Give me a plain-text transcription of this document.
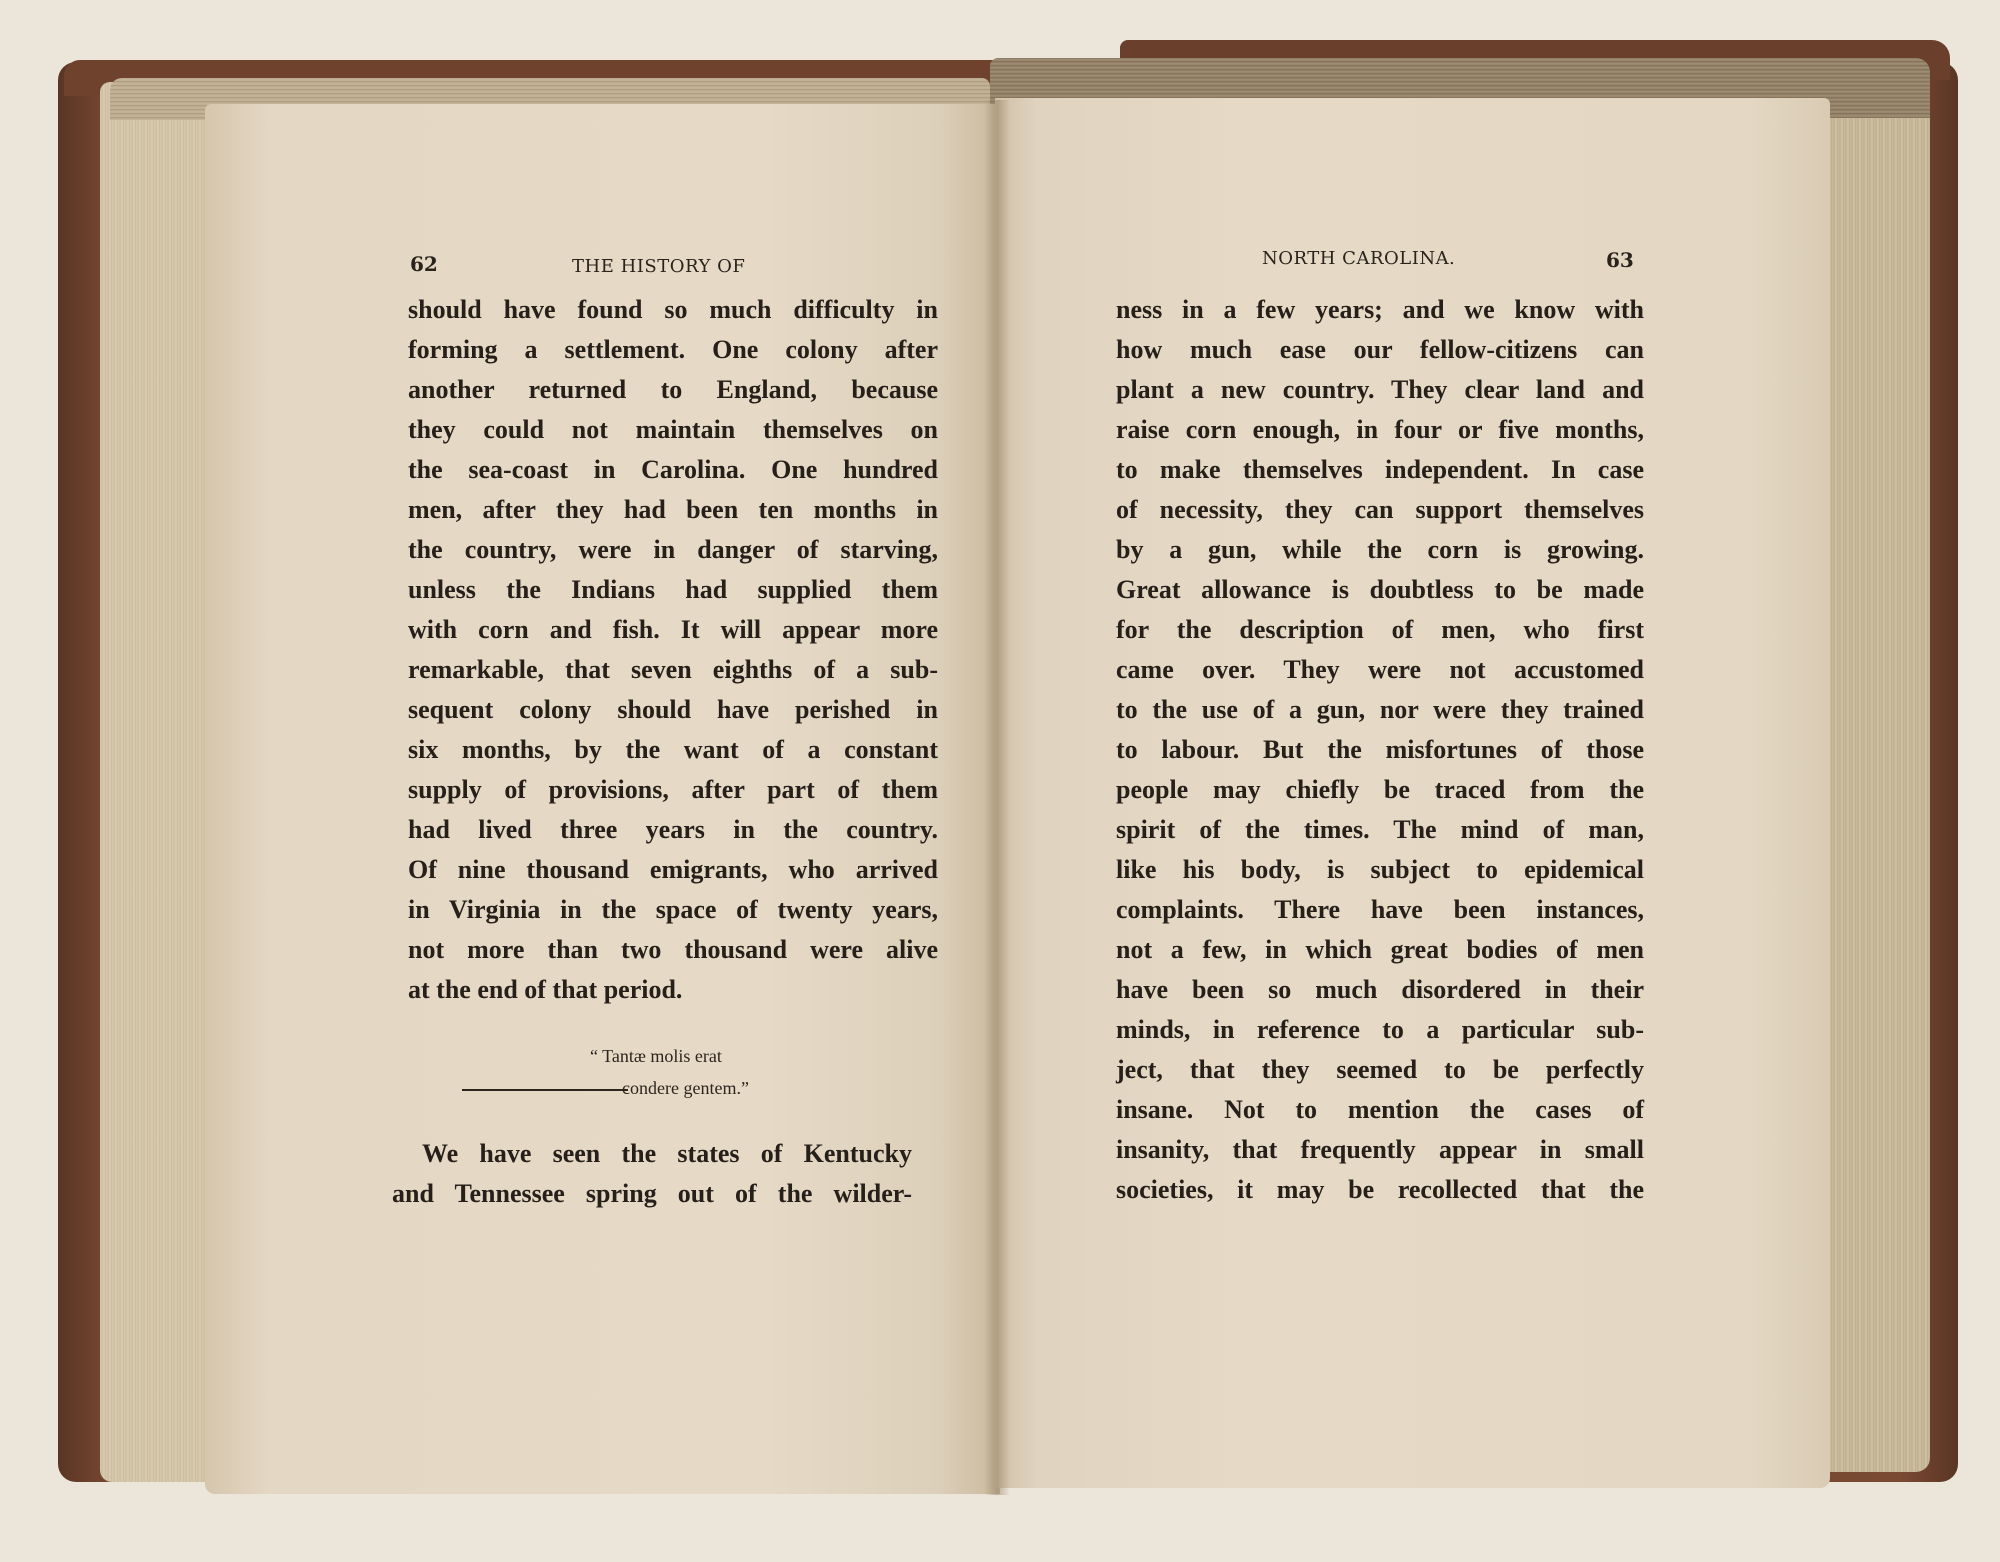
62	THE HISTORY OF	NORTH CAROLINA.	63
should have found so much difficulty in
forming a settlement. One colony after
another returned to England, because
they could not maintain themselves on
the sea-coast in Carolina. One hundred
men, after they had been ten months in
the country, were in danger of starving,
unless the Indians had supplied them
with corn and fish. It will appear more
remarkable, that seven eighths of a sub-
sequent colony should have perished in
six months, by the want of a constant
supply of provisions, after part of them
had lived three years in the country.
Of nine thousand emigrants, who arrived
in Virginia in the space of twenty years,
not more than two thousand were alive
at the end of that period.
“ Tantæ molis erat
condere gentem.”
We have seen the states of Kentucky
and Tennessee spring out of the wilder-
ness in a few years; and we know with
how much ease our fellow-citizens can
plant a new country. They clear land and
raise corn enough, in four or five months,
to make themselves independent. In case
of necessity, they can support themselves
by a gun, while the corn is growing.
Great allowance is doubtless to be made
for the description of men, who first
came over. They were not accustomed
to the use of a gun, nor were they trained
to labour. But the misfortunes of those
people may chiefly be traced from the
spirit of the times. The mind of man,
like his body, is subject to epidemical
complaints. There have been instances,
not a few, in which great bodies of men
have been so much disordered in their
minds, in reference to a particular sub-
ject, that they seemed to be perfectly
insane. Not to mention the cases of
insanity, that frequently appear in small
societies, it may be recollected that the
